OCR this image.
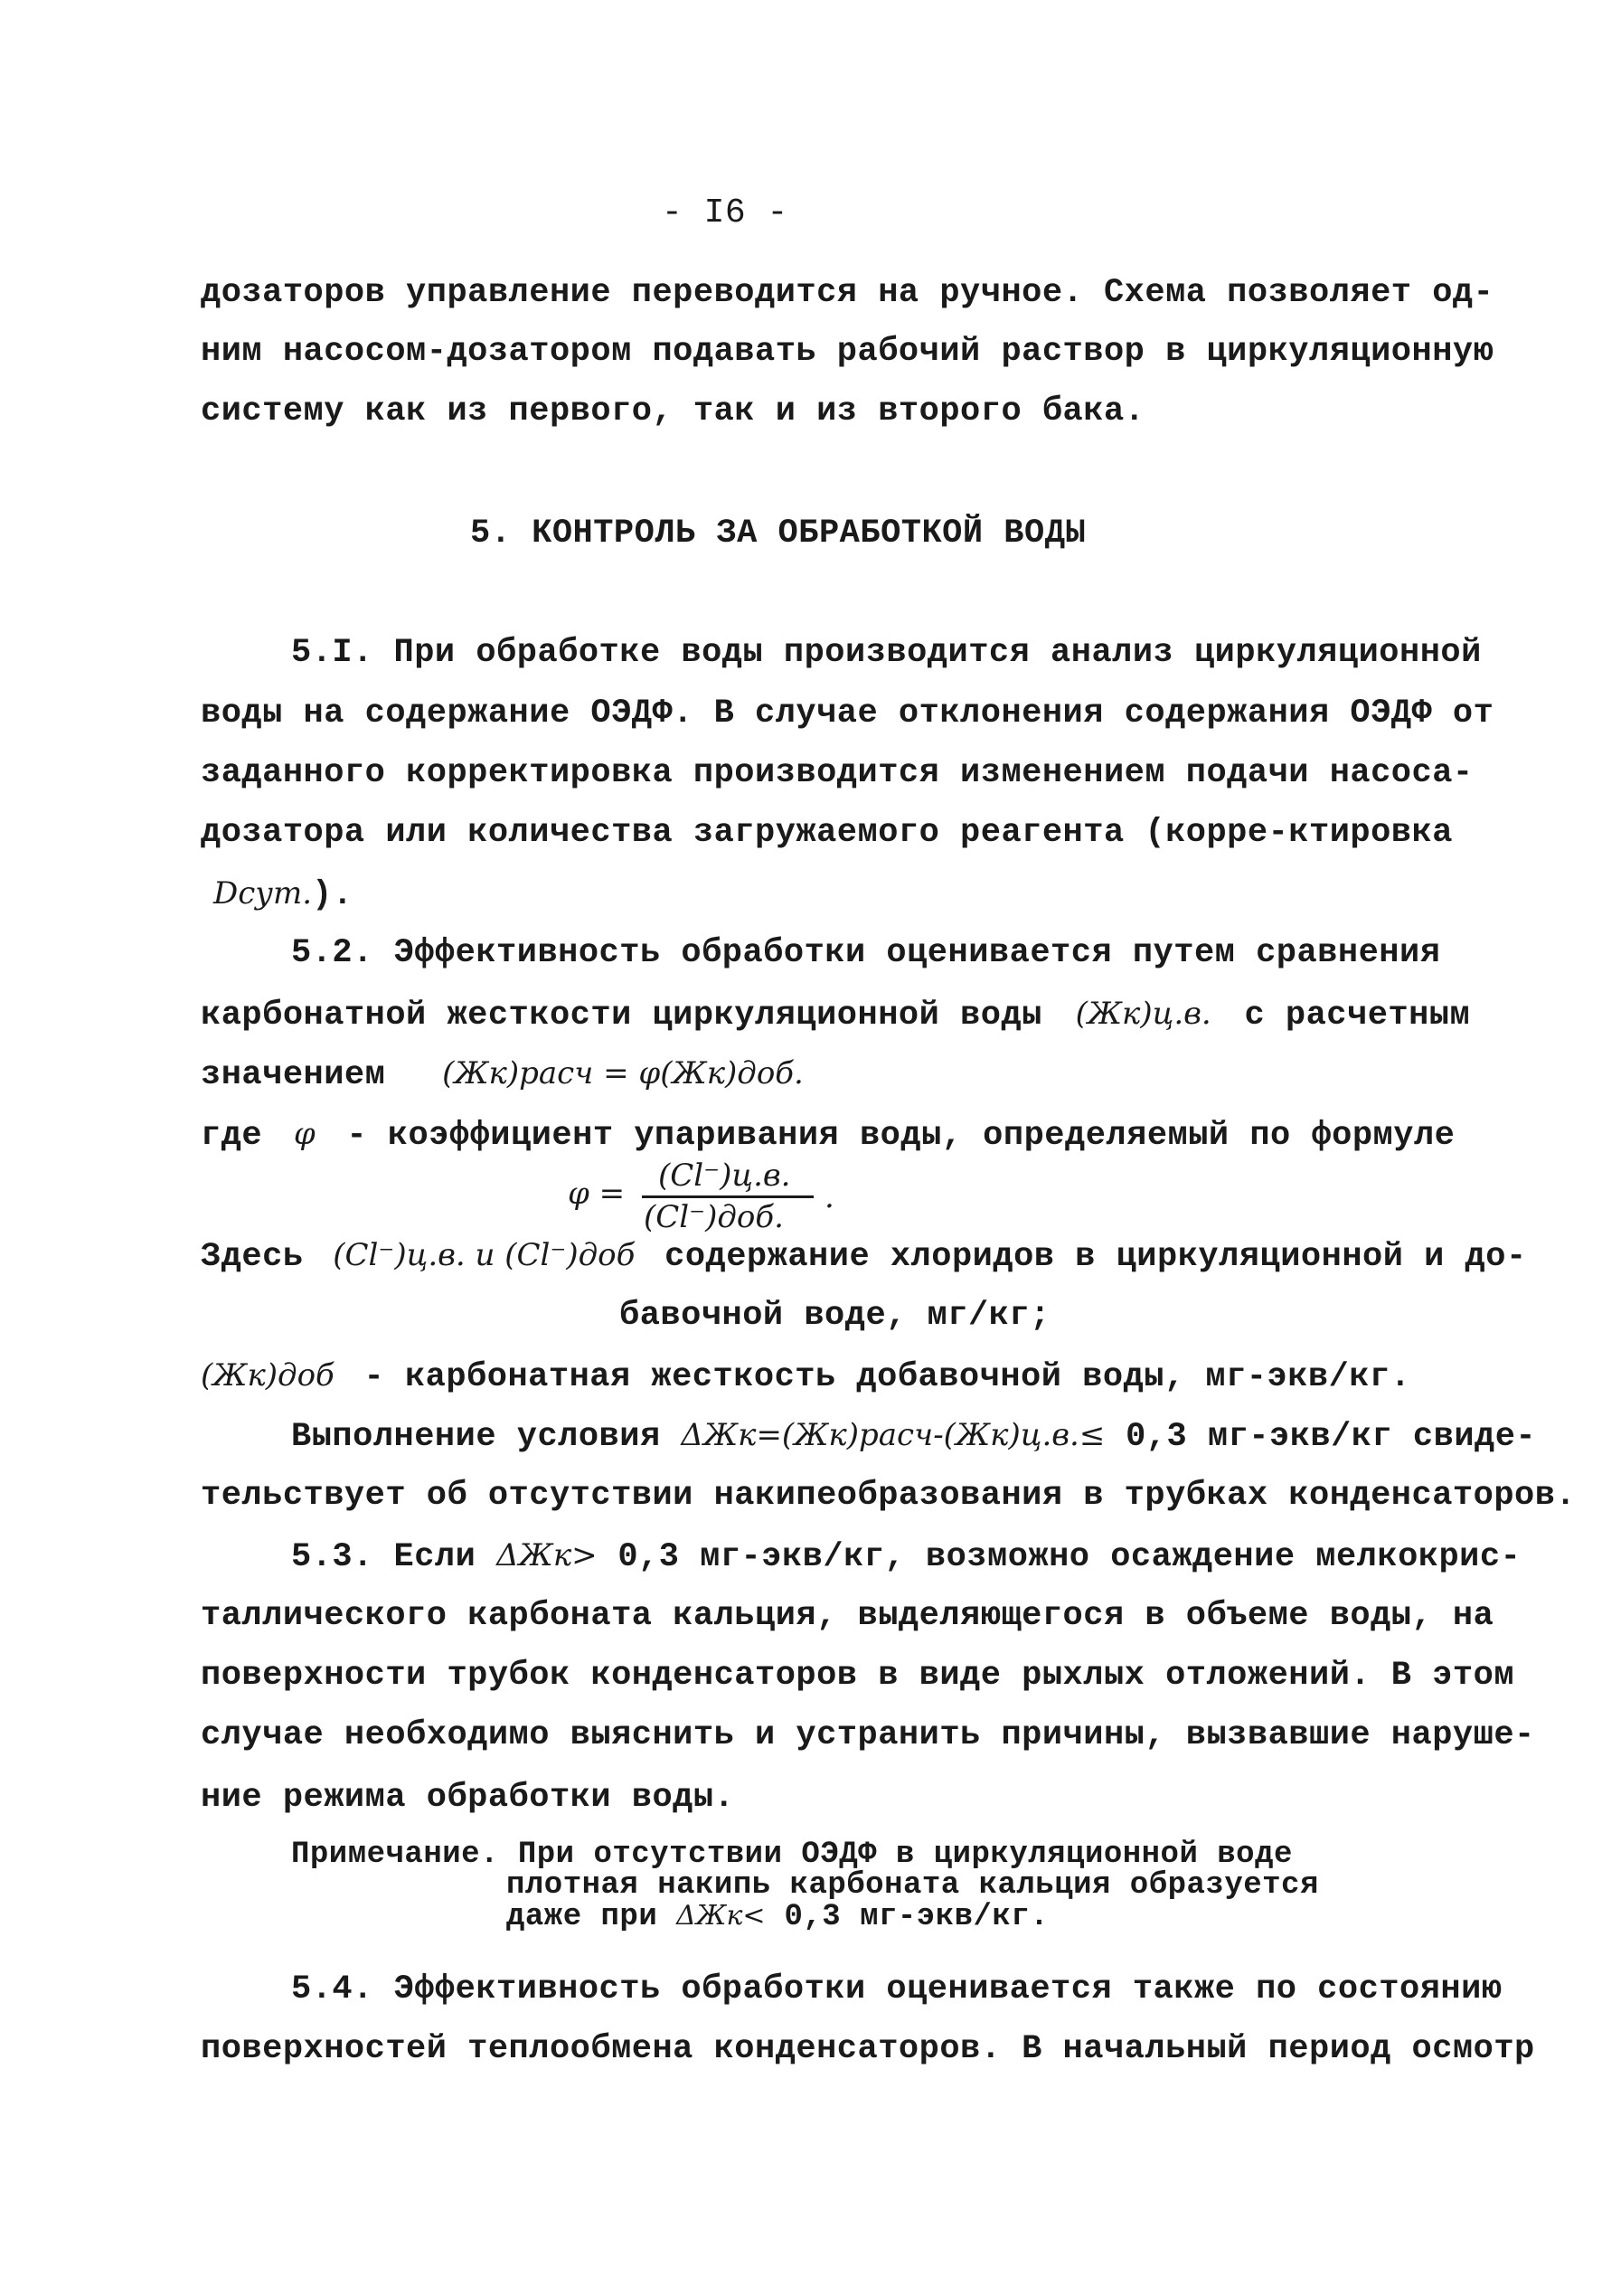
- I6 -
дозаторов управление переводится на ручное. Схема позволяет од-
ним насосом-дозатором подавать рабочий раствор в циркуляционную
систему как из первого, так и из второго бака.
5. КОНТРОЛЬ ЗА ОБРАБОТКОЙ ВОДЫ
5.I. При обработке воды производится анализ циркуляционной
воды на содержание ОЭДФ. В случае отклонения содержания ОЭДФ от
заданного корректировка производится изменением подачи насоса-
дозатора или количества загружаемого реагента (корре-ктировка
Dсут.).
5.2. Эффективность обработки оценивается путем сравнения
карбонатной жесткости циркуляционной воды (Жк)ц.в. с расчетным
значением (Жк)расч = φ(Жк)доб.
где φ - коэффициент упаривания воды, определяемый по формуле
φ = (Cl⁻)ц.в.
(Cl⁻)доб.
.
Здесь (Cl⁻)ц.в. и (Cl⁻)доб содержание хлоридов в циркуляционной и до-
бавочной воде, мг/кг;
(Жк)доб - карбонатная жесткость добавочной воды, мг-экв/кг.
Выполнение условия ΔЖк=(Жк)расч-(Жк)ц.в.≤ 0,3 мг-экв/кг свиде-
тельствует об отсутствии накипеобразования в трубках конденсаторов.
5.3. Если ΔЖк> 0,3 мг-экв/кг, возможно осаждение мелкокрис-
таллического карбоната кальция, выделяющегося в объеме воды, на
поверхности трубок конденсаторов в виде рыхлых отложений. В этом
случае необходимо выяснить и устранить причины, вызвавшие наруше-
ние режима обработки воды.
Примечание. При отсутствии ОЭДФ в циркуляционной воде
плотная накипь карбоната кальция образуется
даже при ΔЖк< 0,3 мг-экв/кг.
5.4. Эффективность обработки оценивается также по состоянию
поверхностей теплообмена конденсаторов. В начальный период осмотр
